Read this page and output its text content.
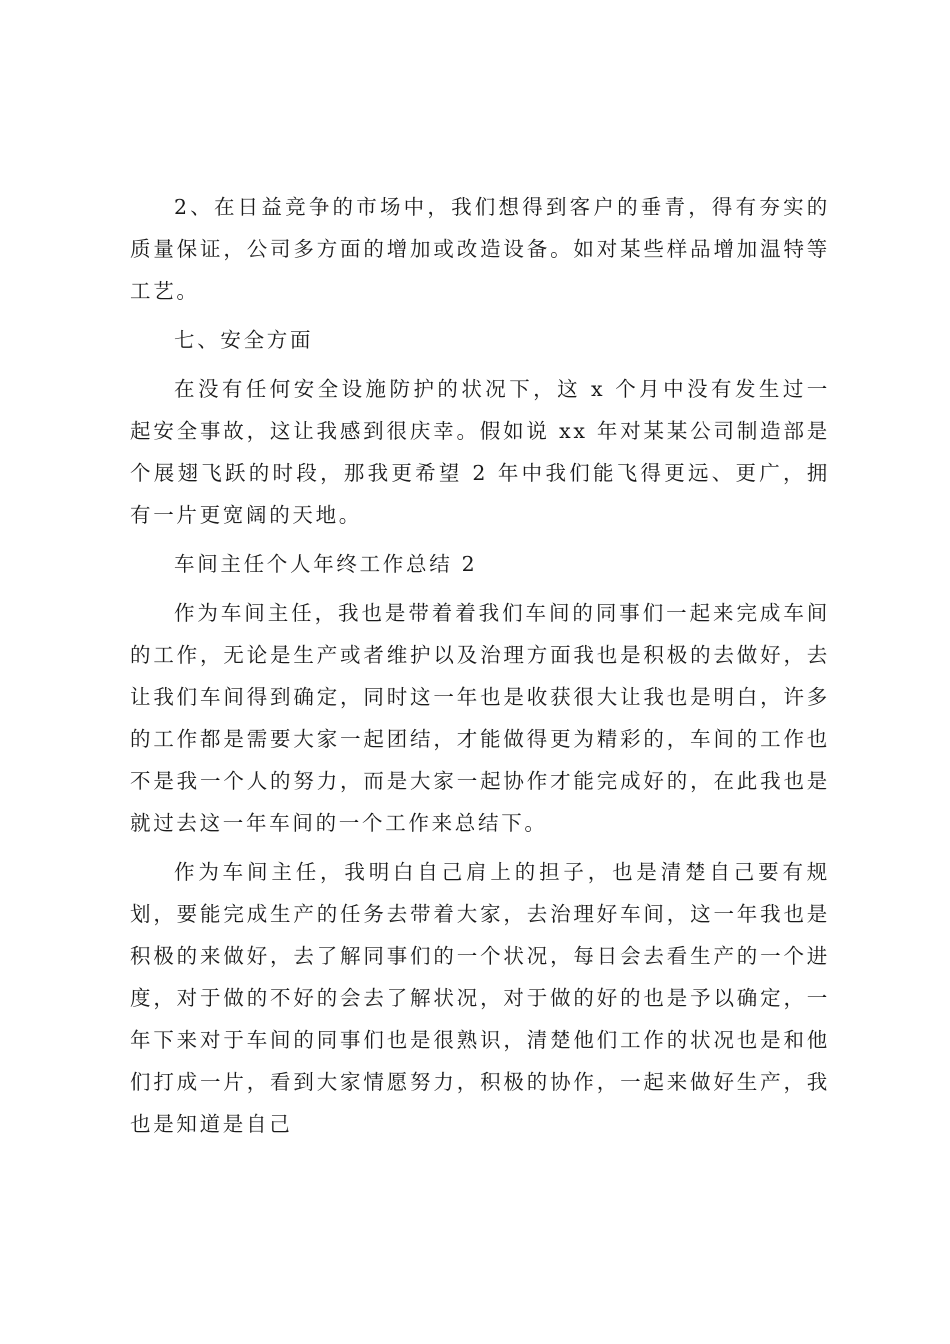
2、在日益竞争的市场中，我们想得到客户的垂青，得有夯实的质量保证，公司多方面的增加或改造设备。如对某些样品增加温特等工艺。

七、安全方面

在没有任何安全设施防护的状况下，这 x 个月中没有发生过一起安全事故，这让我感到很庆幸。假如说 xx 年对某某公司制造部是个展翅飞跃的时段，那我更希望 2 年中我们能飞得更远、更广，拥有一片更宽阔的天地。

车间主任个人年终工作总结 2

作为车间主任，我也是带着着我们车间的同事们一起来完成车间的工作，无论是生产或者维护以及治理方面我也是积极的去做好，去让我们车间得到确定，同时这一年也是收获很大让我也是明白，许多的工作都是需要大家一起团结，才能做得更为精彩的，车间的工作也不是我一个人的努力，而是大家一起协作才能完成好的，在此我也是就过去这一年车间的一个工作来总结下。

作为车间主任，我明白自己肩上的担子，也是清楚自己要有规划，要能完成生产的任务去带着大家，去治理好车间，这一年我也是积极的来做好，去了解同事们的一个状况，每日会去看生产的一个进度，对于做的不好的会去了解状况，对于做的好的也是予以确定，一年下来对于车间的同事们也是很熟识，清楚他们工作的状况也是和他们打成一片，看到大家情愿努力，积极的协作，一起来做好生产，我也是知道是自己
